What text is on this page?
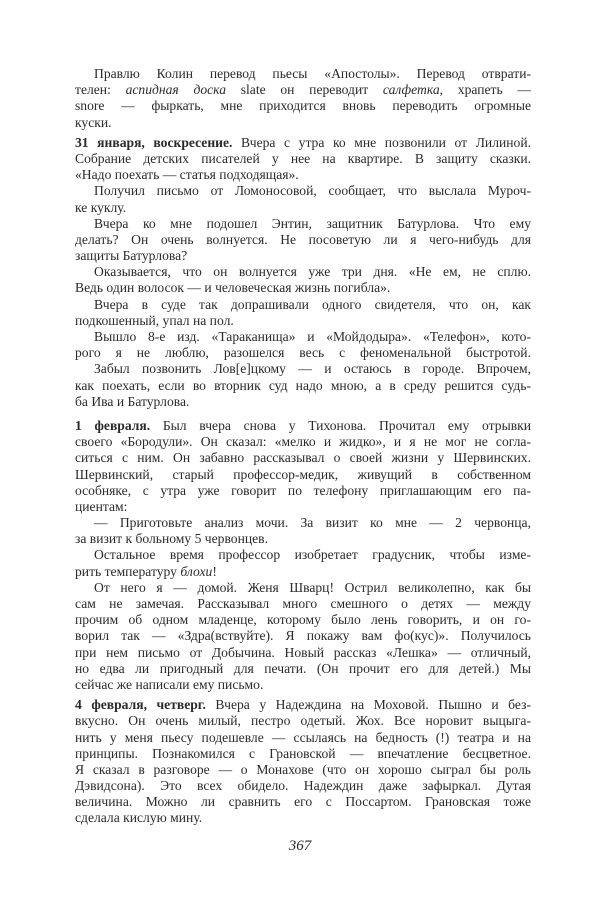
Правлю Колин перевод пьесы «Апостолы». Перевод отврати-
телен: аспидная доска slate он переводит салфетка, храпеть —
snore — фыркать, мне приходится вновь переводить огромные
куски.
31 января, воскресение. Вчера с утра ко мне позвонили от Лилиной.
Собрание детских писателей у нее на квартире. В защиту сказки.
«Надо поехать — статья подходящая».
Получил письмо от Ломоносовой, сообщает, что выслала Муроч-
ке куклу.
Вчера ко мне подошел Энтин, защитник Батурлова. Что ему
делать? Он очень волнуется. Не посоветую ли я чего-нибудь для
защиты Батурлова?
Оказывается, что он волнуется уже три дня. «Не ем, не сплю.
Ведь один волосок — и человеческая жизнь погибла».
Вчера в суде так допрашивали одного свидетеля, что он, как
подкошенный, упал на пол.
Вышло 8-е изд. «Тараканища» и «Мойдодыра». «Телефон», кото-
рого я не люблю, разошелся весь с феноменальной быстротой.
Забыл позвонить Лов[е]цкому — и остаюсь в городе. Впрочем,
как поехать, если во вторник суд надо мною, а в среду решится судь-
ба Ива и Батурлова.
1 февраля. Был вчера снова у Тихонова. Прочитал ему отрывки
своего «Бородули». Он сказал: «мелко и жидко», и я не мог не согла-
ситься с ним. Он забавно рассказывал о своей жизни у Шервинских.
Шервинский, старый профессор-медик, живущий в собственном
особняке, с утра уже говорит по телефону приглашающим его па-
циентам:
— Приготовьте анализ мочи. За визит ко мне — 2 червонца,
за визит к больному 5 червонцев.
Остальное время профессор изобретает градусник, чтобы изме-
рить температуру блохи!
От него я — домой. Женя Шварц! Острил великолепно, как бы
сам не замечая. Рассказывал много смешного о детях — между
прочим об одном младенце, которому было лень говорить, и он го-
ворил так — «Здра(вствуйте). Я покажу вам фо(кус)». Получилось
при нем письмо от Добычина. Новый рассказ «Лешка» — отличный,
но едва ли пригодный для печати. (Он прочит его для детей.) Мы
сейчас же написали ему письмо.
4 февраля, четверг. Вчера у Надеждина на Моховой. Пышно и без-
вкусно. Он очень милый, пестро одетый. Жох. Все норовит выцыга-
нить у меня пьесу подешевле — ссылаясь на бедность (!) театра и на
принципы. Познакомился с Грановской — впечатление бесцветное.
Я сказал в разговоре — о Монахове (что он хорошо сыграл бы роль
Дэвидсона). Это всех обидело. Надеждин даже зафыркал. Дутая
величина. Можно ли сравнить его с Поссартом. Грановская тоже
сделала кислую мину.
367
